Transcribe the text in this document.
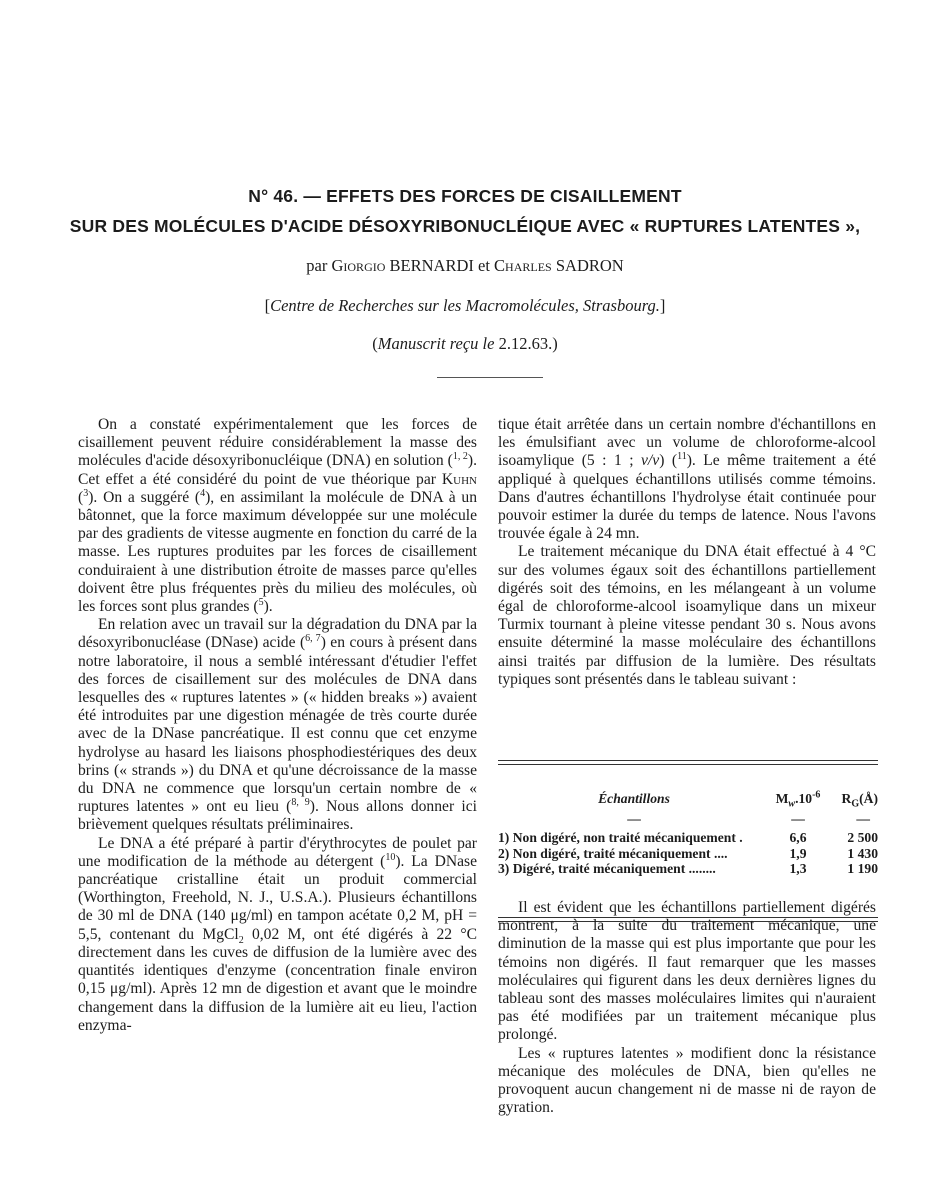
N° 46. — EFFETS DES FORCES DE CISAILLEMENT
SUR DES MOLÉCULES D'ACIDE DÉSOXYRIBONUCLÉIQUE AVEC « RUPTURES LATENTES »,
par Giorgio BERNARDI et Charles SADRON
[Centre de Recherches sur les Macromolécules, Strasbourg.]
(Manuscrit reçu le 2.12.63.)

On a constaté expérimentalement que les forces de cisaillement peuvent réduire considérablement la masse des molécules d'acide désoxyribonucléique (DNA) en solution ($^{1, 2}$). Cet effet a été considéré du point de vue théorique par Kuhn ($^3$). On a suggéré ($^4$), en assimilant la molécule de DNA à un bâtonnet, que la force maximum développée sur une molécule par des gradients de vitesse augmente en fonction du carré de la masse. Les ruptures produites par les forces de cisaillement conduiraient à une distribution étroite de masses parce qu'elles doivent être plus fréquentes près du milieu des molécules, où les forces sont plus grandes ($^5$).

En relation avec un travail sur la dégradation du DNA par la désoxyribonucléase (DNase) acide ($^{6, 7}$) en cours à présent dans notre laboratoire, il nous a semblé intéressant d'étudier l'effet des forces de cisaillement sur des molécules de DNA dans lesquelles des « ruptures latentes » (« hidden breaks ») avaient été introduites par une digestion ménagée de très courte durée avec de la DNase pancréatique. Il est connu que cet enzyme hydrolyse au hasard les liaisons phosphodiestériques des deux brins (« strands ») du DNA et qu'une décroissance de la masse du DNA ne commence que lorsqu'un certain nombre de « ruptures latentes » ont eu lieu ($^{8, 9}$). Nous allons donner ici brièvement quelques résultats préliminaires.

Le DNA a été préparé à partir d'érythrocytes de poulet par une modification de la méthode au détergent ($^{10}$). La DNase pancréatique cristalline était un produit commercial (Worthington, Freehold, N. J., U.S.A.). Plusieurs échantillons de 30 ml de DNA (140 μg/ml) en tampon acétate 0,2 M, pH = 5,5, contenant du MgCl$_2$ 0,02 M, ont été digérés à 22 °C directement dans les cuves de diffusion de la lumière avec des quantités identiques d'enzyme (concentration finale environ 0,15 μg/ml). Après 12 mn de digestion et avant que le moindre changement dans la diffusion de la lumière ait eu lieu, l'action enzyma-

tique était arrêtée dans un certain nombre d'échantillons en les émulsifiant avec un volume de chloroforme-alcool isoamylique (5 : 1 ; v/v) ($^{11}$). Le même traitement a été appliqué à quelques échantillons utilisés comme témoins. Dans d'autres échantillons l'hydrolyse était continuée pour pouvoir estimer la durée du temps de latence. Nous l'avons trouvée égale à 24 mn.

Le traitement mécanique du DNA était effectué à 4 °C sur des volumes égaux soit des échantillons partiellement digérés soit des témoins, en les mélangeant à un volume égal de chloroforme-alcool isoamylique dans un mixeur Turmix tournant à pleine vitesse pendant 30 s. Nous avons ensuite déterminé la masse moléculaire des échantillons ainsi traités par diffusion de la lumière. Des résultats typiques sont présentés dans le tableau suivant :

Échantillons	$M_w.10^{-6}$	$R_G(Å)$
—	—	—
1) Non digéré, non traité mécaniquement .	6,6	2 500
2) Non digéré, traité mécaniquement ....	1,9	1 430
3) Digéré, traité mécaniquement ........	1,3	1 190

Il est évident que les échantillons partiellement digérés montrent, à la suite du traitement mécanique, une diminution de la masse qui est plus importante que pour les témoins non digérés. Il faut remarquer que les masses moléculaires qui figurent dans les deux dernières lignes du tableau sont des masses moléculaires limites qui n'auraient pas été modifiées par un traitement mécanique plus prolongé.

Les « ruptures latentes » modifient donc la résistance mécanique des molécules de DNA, bien qu'elles ne provoquent aucun changement ni de masse ni de rayon de gyration.
